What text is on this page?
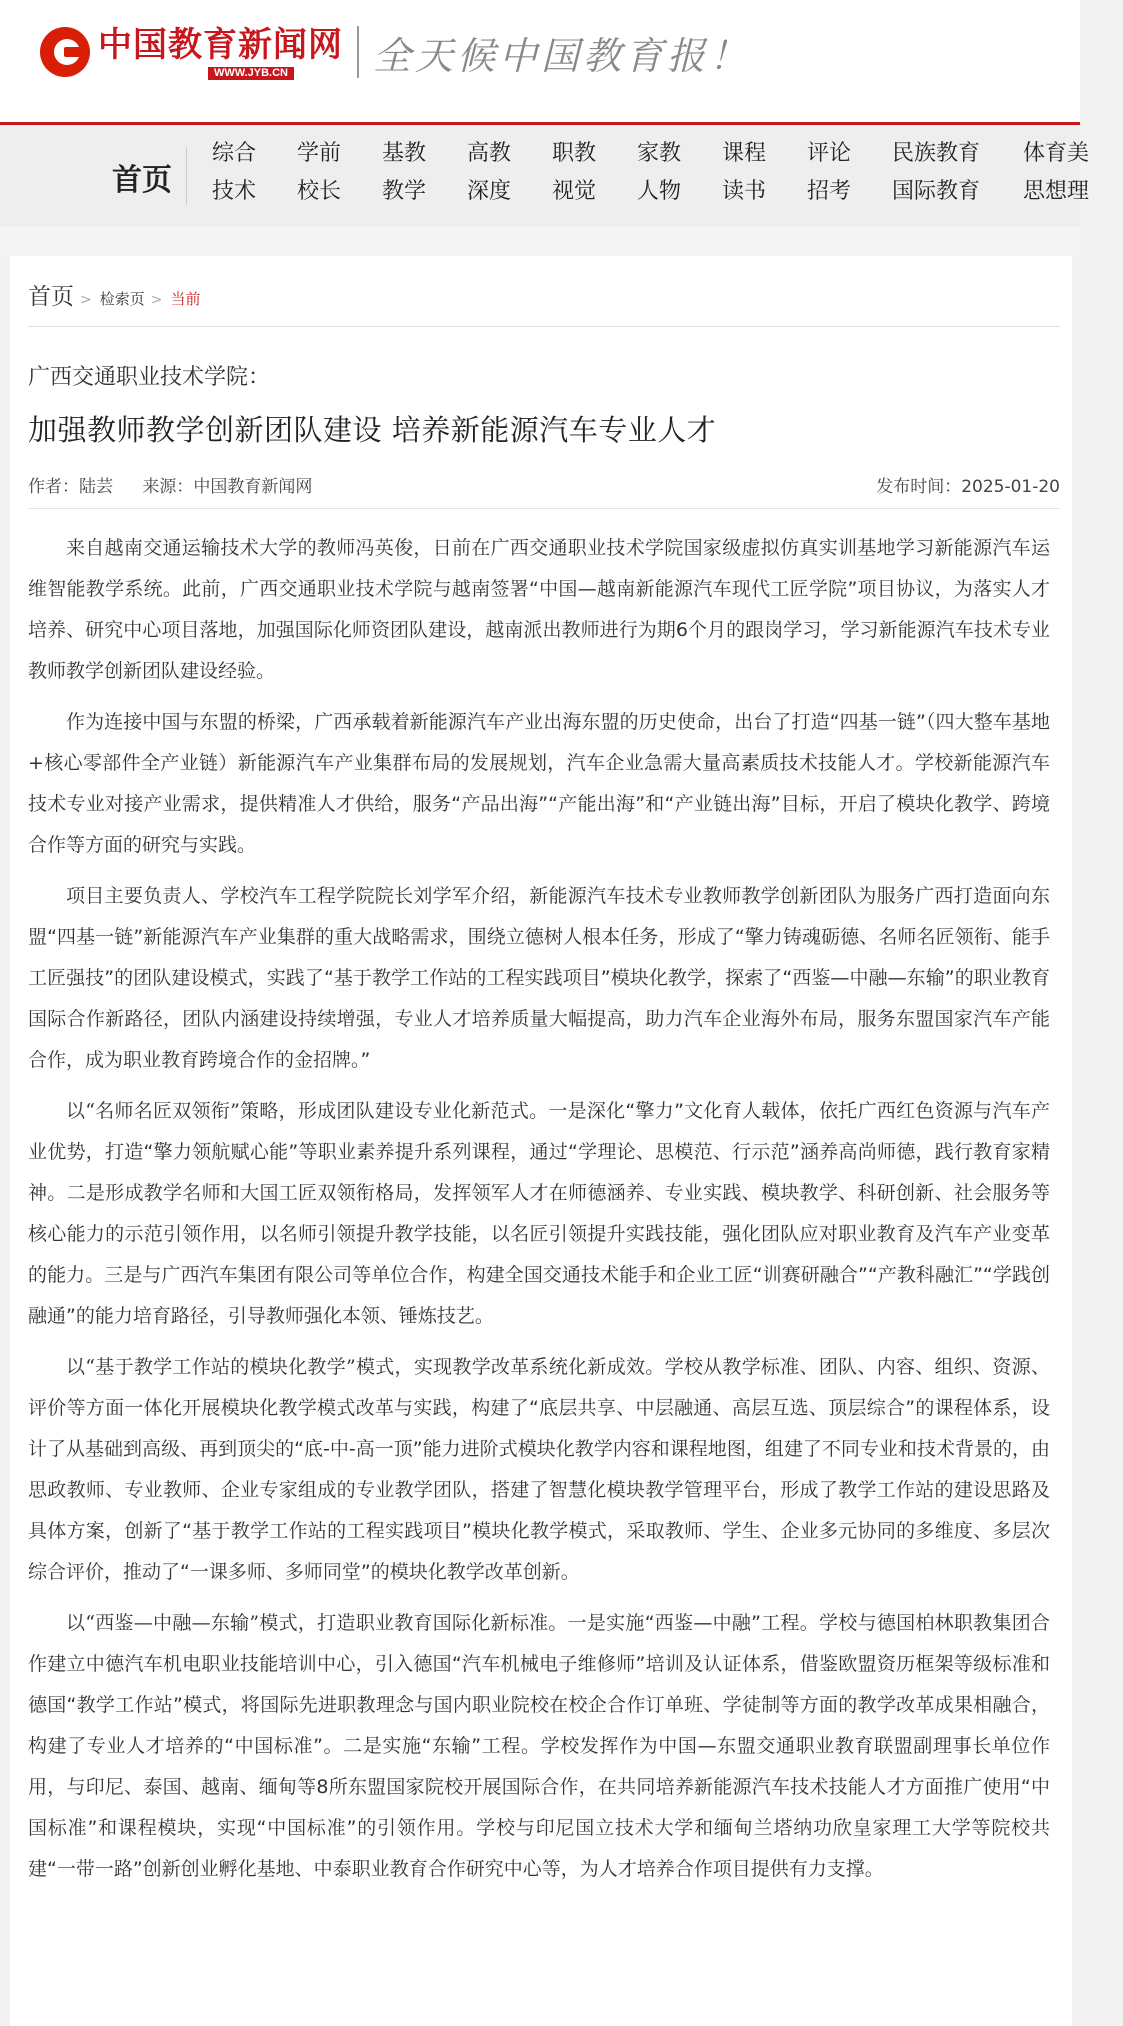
中国教育新闻网
WWW.JYB.CN 全天候中国教育报！
首页
综合	学前	基教	高教	职教	家教	课程	评论	民族教育	体育美
技术	校长	教学	深度	视觉	人物	读书	招考	国际教育	思想理
首页 > 检索页 > 当前
广西交通职业技术学院：
加强教师教学创新团队建设 培养新能源汽车专业人才
作者：陆芸 来源：中国教育新闻网	发布时间：2025-01-20

来自越南交通运输技术大学的教师冯英俊，日前在广西交通职业技术学院国家级虚拟仿真实训基地学习新能源汽车运维智能教学系统。此前，广西交通职业技术学院与越南签署“中国—越南新能源汽车现代工匠学院”项目协议，为落实人才培养、研究中心项目落地，加强国际化师资团队建设，越南派出教师进行为期6个月的跟岗学习，学习新能源汽车技术专业教师教学创新团队建设经验。

作为连接中国与东盟的桥梁，广西承载着新能源汽车产业出海东盟的历史使命，出台了打造“四基一链”（四大整车基地+核心零部件全产业链）新能源汽车产业集群布局的发展规划，汽车企业急需大量高素质技术技能人才。学校新能源汽车技术专业对接产业需求，提供精准人才供给，服务“产品出海”“产能出海”和“产业链出海”目标，开启了模块化教学、跨境合作等方面的研究与实践。

项目主要负责人、学校汽车工程学院院长刘学军介绍，新能源汽车技术专业教师教学创新团队为服务广西打造面向东盟“四基一链”新能源汽车产业集群的重大战略需求，围绕立德树人根本任务，形成了“擎力铸魂砺德、名师名匠领衔、能手工匠强技”的团队建设模式，实践了“基于教学工作站的工程实践项目”模块化教学，探索了“西鉴—中融—东输”的职业教育国际合作新路径，团队内涵建设持续增强，专业人才培养质量大幅提高，助力汽车企业海外布局，服务东盟国家汽车产能合作，成为职业教育跨境合作的金招牌。”

以“名师名匠双领衔”策略，形成团队建设专业化新范式。一是深化“擎力”文化育人载体，依托广西红色资源与汽车产业优势，打造“擎力领航赋心能”等职业素养提升系列课程，通过“学理论、思模范、行示范”涵养高尚师德，践行教育家精神。二是形成教学名师和大国工匠双领衔格局，发挥领军人才在师德涵养、专业实践、模块教学、科研创新、社会服务等核心能力的示范引领作用，以名师引领提升教学技能，以名匠引领提升实践技能，强化团队应对职业教育及汽车产业变革的能力。三是与广西汽车集团有限公司等单位合作，构建全国交通技术能手和企业工匠“训赛研融合”“产教科融汇”“学践创融通”的能力培育路径，引导教师强化本领、锤炼技艺。

以“基于教学工作站的模块化教学”模式，实现教学改革系统化新成效。学校从教学标准、团队、内容、组织、资源、评价等方面一体化开展模块化教学模式改革与实践，构建了“底层共享、中层融通、高层互选、顶层综合”的课程体系，设计了从基础到高级、再到顶尖的“底-中-高一顶”能力进阶式模块化教学内容和课程地图，组建了不同专业和技术背景的，由思政教师、专业教师、企业专家组成的专业教学团队，搭建了智慧化模块教学管理平台，形成了教学工作站的建设思路及具体方案，创新了“基于教学工作站的工程实践项目”模块化教学模式，采取教师、学生、企业多元协同的多维度、多层次综合评价，推动了“一课多师、多师同堂”的模块化教学改革创新。

以“西鉴—中融—东输”模式，打造职业教育国际化新标准。一是实施“西鉴—中融”工程。学校与德国柏林职教集团合作建立中德汽车机电职业技能培训中心，引入德国“汽车机械电子维修师”培训及认证体系，借鉴欧盟资历框架等级标准和德国“教学工作站”模式，将国际先进职教理念与国内职业院校在校企合作订单班、学徒制等方面的教学改革成果相融合，构建了专业人才培养的“中国标准”。二是实施“东输”工程。学校发挥作为中国—东盟交通职业教育联盟副理事长单位作用，与印尼、泰国、越南、缅甸等8所东盟国家院校开展国际合作，在共同培养新能源汽车技术技能人才方面推广使用“中国标准”和课程模块，实现“中国标准”的引领作用。学校与印尼国立技术大学和缅甸兰塔纳功欣皇家理工大学等院校共建“一带一路”创新创业孵化基地、中泰职业教育合作研究中心等，为人才培养合作项目提供有力支撑。
